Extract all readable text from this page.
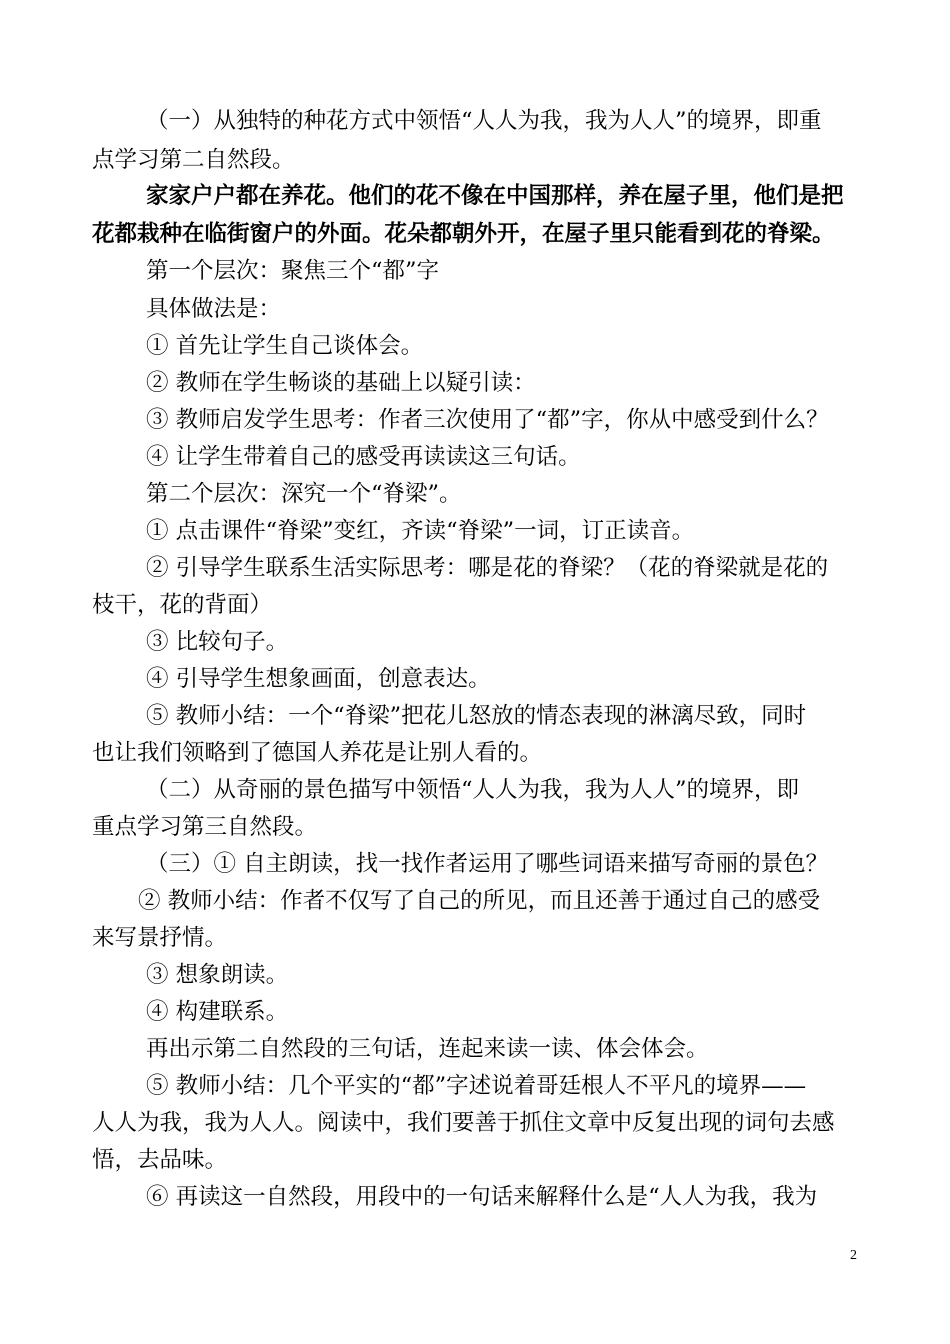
（一）从独特的种花方式中领悟“人人为我，我为人人”的境界，即重

点学习第二自然段。

家家户户都在养花。他们的花不像在中国那样，养在屋子里，他们是把

花都栽种在临街窗户的外面。花朵都朝外开，在屋子里只能看到花的脊梁。

第一个层次：聚焦三个“都”字

具体做法是：

① 首先让学生自己谈体会。

② 教师在学生畅谈的基础上以疑引读：

③ 教师启发学生思考：作者三次使用了“都”字，你从中感受到什么？

④ 让学生带着自己的感受再读读这三句话。

第二个层次：深究一个“脊梁”。

① 点击课件“脊梁”变红，齐读“脊梁”一词，订正读音。

② 引导学生联系生活实际思考：哪是花的脊梁？（花的脊梁就是花的

枝干，花的背面）

③ 比较句子。

④ 引导学生想象画面，创意表达。

⑤ 教师小结：一个“脊梁”把花儿怒放的情态表现的淋漓尽致，同时

也让我们领略到了德国人养花是让别人看的。

（二）从奇丽的景色描写中领悟“人人为我，我为人人”的境界，即

重点学习第三自然段。

（三）① 自主朗读，找一找作者运用了哪些词语来描写奇丽的景色？

② 教师小结：作者不仅写了自己的所见，而且还善于通过自己的感受

来写景抒情。

③ 想象朗读。

④ 构建联系。

再出示第二自然段的三句话，连起来读一读、体会体会。

⑤ 教师小结：几个平实的“都”字述说着哥廷根人不平凡的境界——

人人为我，我为人人。阅读中，我们要善于抓住文章中反复出现的词句去感

悟，去品味。

⑥ 再读这一自然段，用段中的一句话来解释什么是“人人为我，我为

2
